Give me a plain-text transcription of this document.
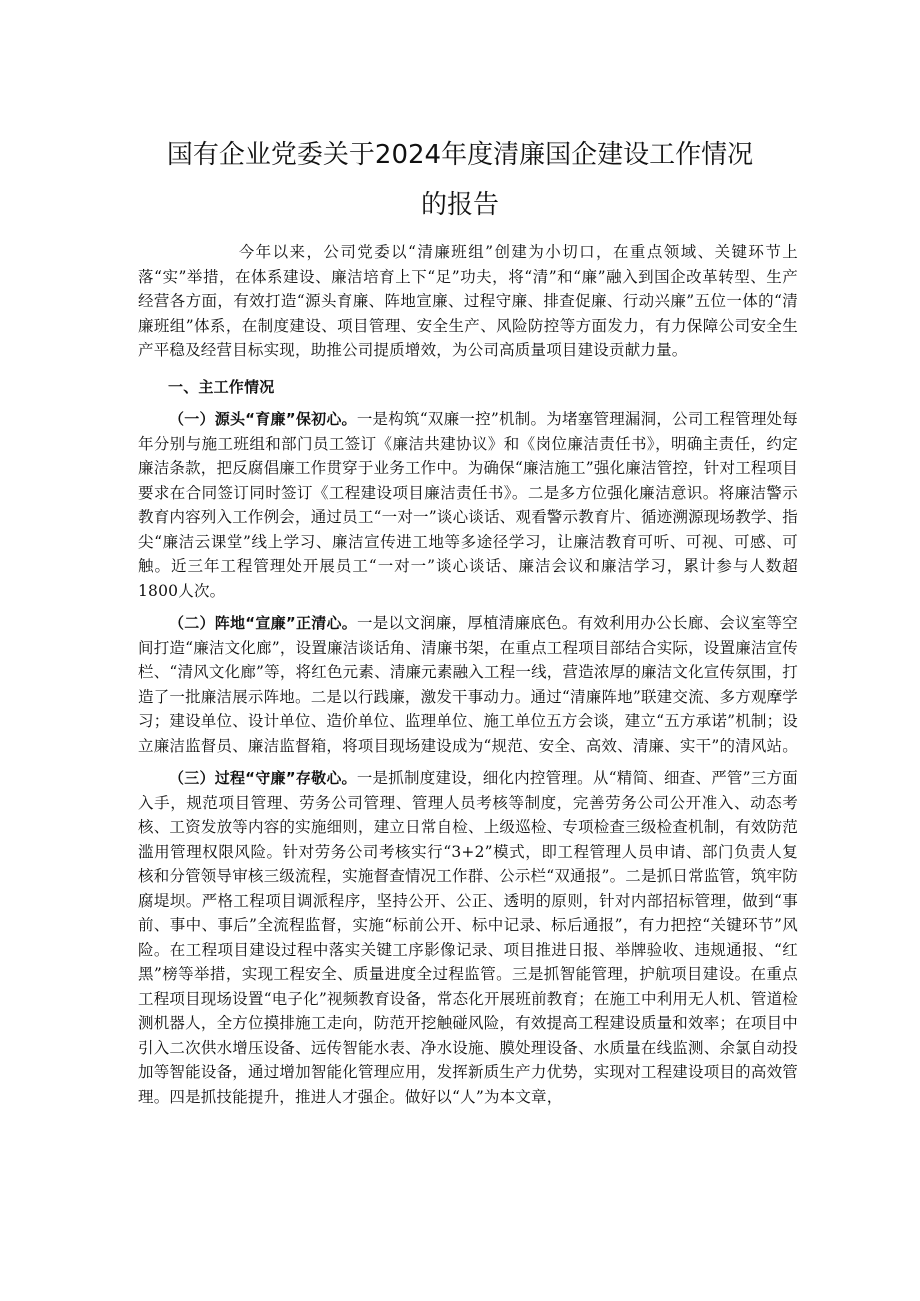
国有企业党委关于2024年度清廉国企建设工作情况
的报告

今年以来，公司党委以“清廉班组”创建为小切口，在重点领域、关键环节上落“实”举措，在体系建设、廉洁培育上下“足”功夫，将“清”和“廉”融入到国企改革转型、生产经营各方面，有效打造“源头育廉、阵地宣廉、过程守廉、排查促廉、行动兴廉”五位一体的“清廉班组”体系，在制度建设、项目管理、安全生产、风险防控等方面发力，有力保障公司安全生产平稳及经营目标实现，助推公司提质增效，为公司高质量项目建设贡献力量。

一、主工作情况

（一）源头“育廉”保初心。一是构筑“双廉一控”机制。为堵塞管理漏洞，公司工程管理处每年分别与施工班组和部门员工签订《廉洁共建协议》和《岗位廉洁责任书》，明确主责任，约定廉洁条款，把反腐倡廉工作贯穿于业务工作中。为确保“廉洁施工”强化廉洁管控，针对工程项目要求在合同签订同时签订《工程建设项目廉洁责任书》。二是多方位强化廉洁意识。将廉洁警示教育内容列入工作例会，通过员工“一对一”谈心谈话、观看警示教育片、循迹溯源现场教学、指尖“廉洁云课堂”线上学习、廉洁宣传进工地等多途径学习，让廉洁教育可听、可视、可感、可触。近三年工程管理处开展员工“一对一”谈心谈话、廉洁会议和廉洁学习，累计参与人数超1800人次。

（二）阵地“宣廉”正清心。一是以文润廉，厚植清廉底色。有效利用办公长廊、会议室等空间打造“廉洁文化廊”，设置廉洁谈话角、清廉书架，在重点工程项目部结合实际，设置廉洁宣传栏、“清风文化廊”等，将红色元素、清廉元素融入工程一线，营造浓厚的廉洁文化宣传氛围，打造了一批廉洁展示阵地。二是以行践廉，激发干事动力。通过“清廉阵地”联建交流、多方观摩学习；建设单位、设计单位、造价单位、监理单位、施工单位五方会谈，建立“五方承诺”机制；设立廉洁监督员、廉洁监督箱，将项目现场建设成为“规范、安全、高效、清廉、实干”的清风站。

（三）过程“守廉”存敬心。一是抓制度建设，细化内控管理。从“精简、细查、严管”三方面入手，规范项目管理、劳务公司管理、管理人员考核等制度，完善劳务公司公开准入、动态考核、工资发放等内容的实施细则，建立日常自检、上级巡检、专项检查三级检查机制，有效防范滥用管理权限风险。针对劳务公司考核实行“3+2”模式，即工程管理人员申请、部门负责人复核和分管领导审核三级流程，实施督查情况工作群、公示栏“双通报”。二是抓日常监管，筑牢防腐堤坝。严格工程项目调派程序，坚持公开、公正、透明的原则，针对内部招标管理，做到“事前、事中、事后”全流程监督，实施“标前公开、标中记录、标后通报”，有力把控“关键环节”风险。在工程项目建设过程中落实关键工序影像记录、项目推进日报、举牌验收、违规通报、“红黑”榜等举措，实现工程安全、质量进度全过程监管。三是抓智能管理，护航项目建设。在重点工程项目现场设置“电子化”视频教育设备，常态化开展班前教育；在施工中利用无人机、管道检测机器人，全方位摸排施工走向，防范开挖触碰风险，有效提高工程建设质量和效率；在项目中引入二次供水增压设备、远传智能水表、净水设施、膜处理设备、水质量在线监测、余氯自动投加等智能设备，通过增加智能化管理应用，发挥新质生产力优势，实现对工程建设项目的高效管理。四是抓技能提升，推进人才强企。做好以“人”为本文章，
